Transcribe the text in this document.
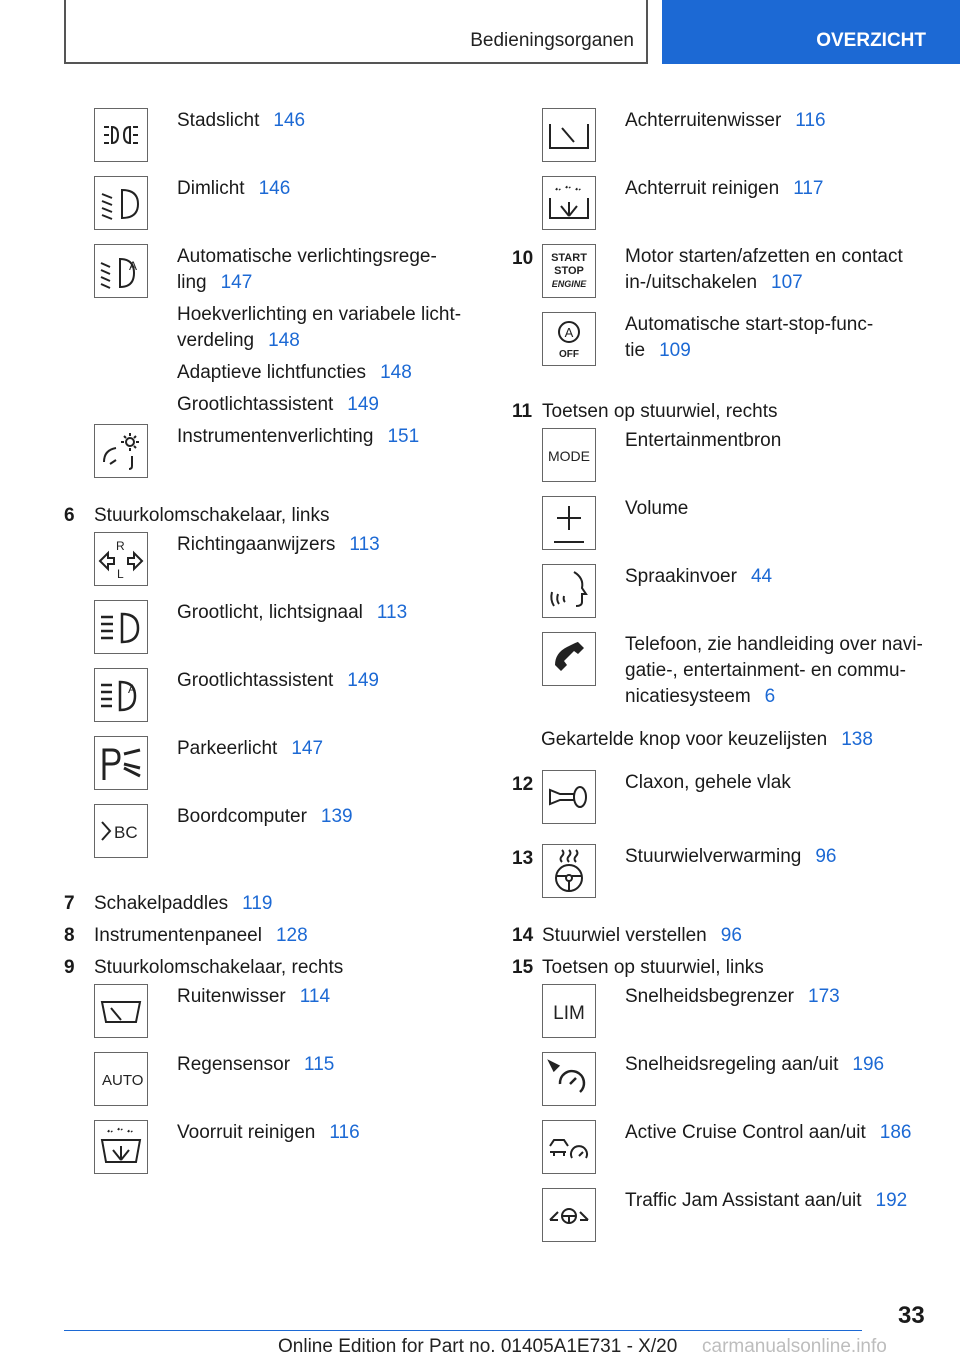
Bedieningsorganen	OVERZICHT
Stadslicht 146
Dimlicht 146
A Automatische verlichtingsrege-
ling 147

Hoekverlichting en variabele licht-
verdeling 148

Adaptieve lichtfuncties 148

Grootlichtassistent 149

Instrumentenverlichting 151
6	Stuurkolomschakelaar, links
R
L
Richtingaanwijzers 113
Grootlicht, lichtsignaal 113
A Grootlichtassistent 149
Parkeerlicht 147
BC
Boordcomputer 139
7	Schakelpaddles 119
8	Instrumentenpaneel 128
9	Stuurkolomschakelaar, rechts
Ruitenwisser 114
AUTO
Regensensor 115
Voorruit reinigen 116
Achterruitenwisser 116
Achterruit reinigen 117
10	START
STOP
ENGINE
Motor starten/afzetten en contact
in-/uitschakelen 107
A
OFF
Automatische start-stop-func-
tie 109
11 Toetsen op stuurwiel, rechts
MODE
Entertainmentbron
Volume
Spraakinvoer 44
Telefoon, zie handleiding over navi-
gatie-, entertainment- en commu-
nicatiesysteem 6
Gekartelde knop voor keuzelijsten 138
12	Claxon, gehele vlak
13	Stuurwielverwarming 96
14 Stuurwiel verstellen 96
15 Toetsen op stuurwiel, links
LIM
Snelheidsbegrenzer 173
Snelheidsregeling aan/uit 196
Active Cruise Control aan/uit 186
Traffic Jam Assistant aan/uit 192
33
Online Edition for Part no. 01405A1E731 - X/20 carmanualsonline.info
